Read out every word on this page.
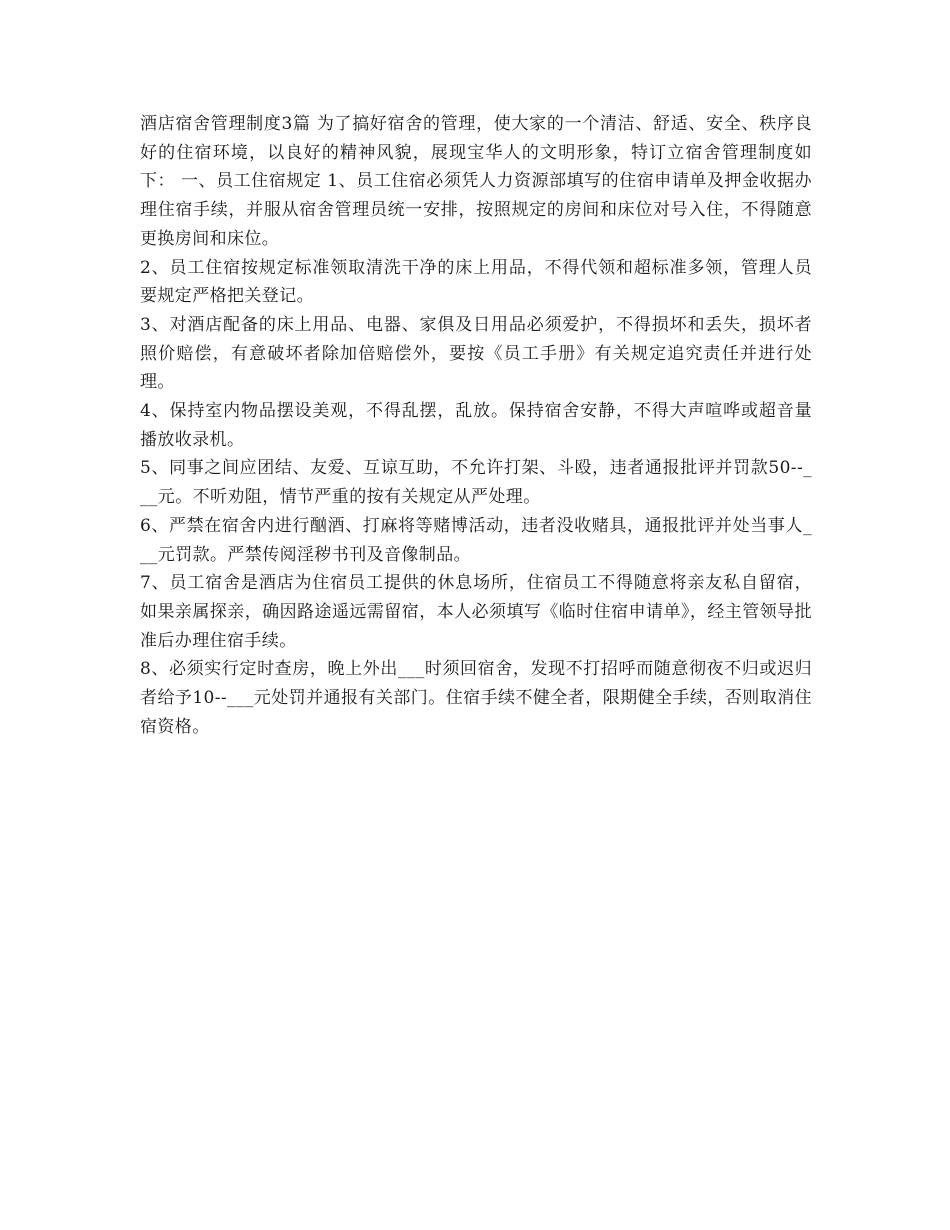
酒店宿舍管理制度3篇 为了搞好宿舍的管理，使大家的一个清洁、舒适、安全、秩序良好的住宿环境，以良好的精神风貌，展现宝华人的文明形象，特订立宿舍管理制度如下： 一、员工住宿规定 1、员工住宿必须凭人力资源部填写的住宿申请单及押金收据办理住宿手续，并服从宿舍管理员统一安排，按照规定的房间和床位对号入住，不得随意更换房间和床位。

2、员工住宿按规定标准领取清洗干净的床上用品，不得代领和超标准多领，管理人员要规定严格把关登记。

3、对酒店配备的床上用品、电器、家俱及日用品必须爱护，不得损坏和丢失，损坏者照价赔偿，有意破坏者除加倍赔偿外，要按《员工手册》有关规定追究责任并进行处理。

4、保持室内物品摆设美观，不得乱摆，乱放。保持宿舍安静，不得大声喧哗或超音量播放收录机。

5、同事之间应团结、友爱、互谅互助，不允许打架、斗殴，违者通报批评并罚款50--___元。不听劝阻，情节严重的按有关规定从严处理。

6、严禁在宿舍内进行酗酒、打麻将等赌博活动，违者没收赌具，通报批评并处当事人___元罚款。严禁传阅淫秽书刊及音像制品。

7、员工宿舍是酒店为住宿员工提供的休息场所，住宿员工不得随意将亲友私自留宿，如果亲属探亲，确因路途遥远需留宿，本人必须填写《临时住宿申请单》，经主管领导批准后办理住宿手续。

8、必须实行定时查房，晚上外出___时须回宿舍，发现不打招呼而随意彻夜不归或迟归者给予10--___元处罚并通报有关部门。住宿手续不健全者，限期健全手续，否则取消住宿资格。
